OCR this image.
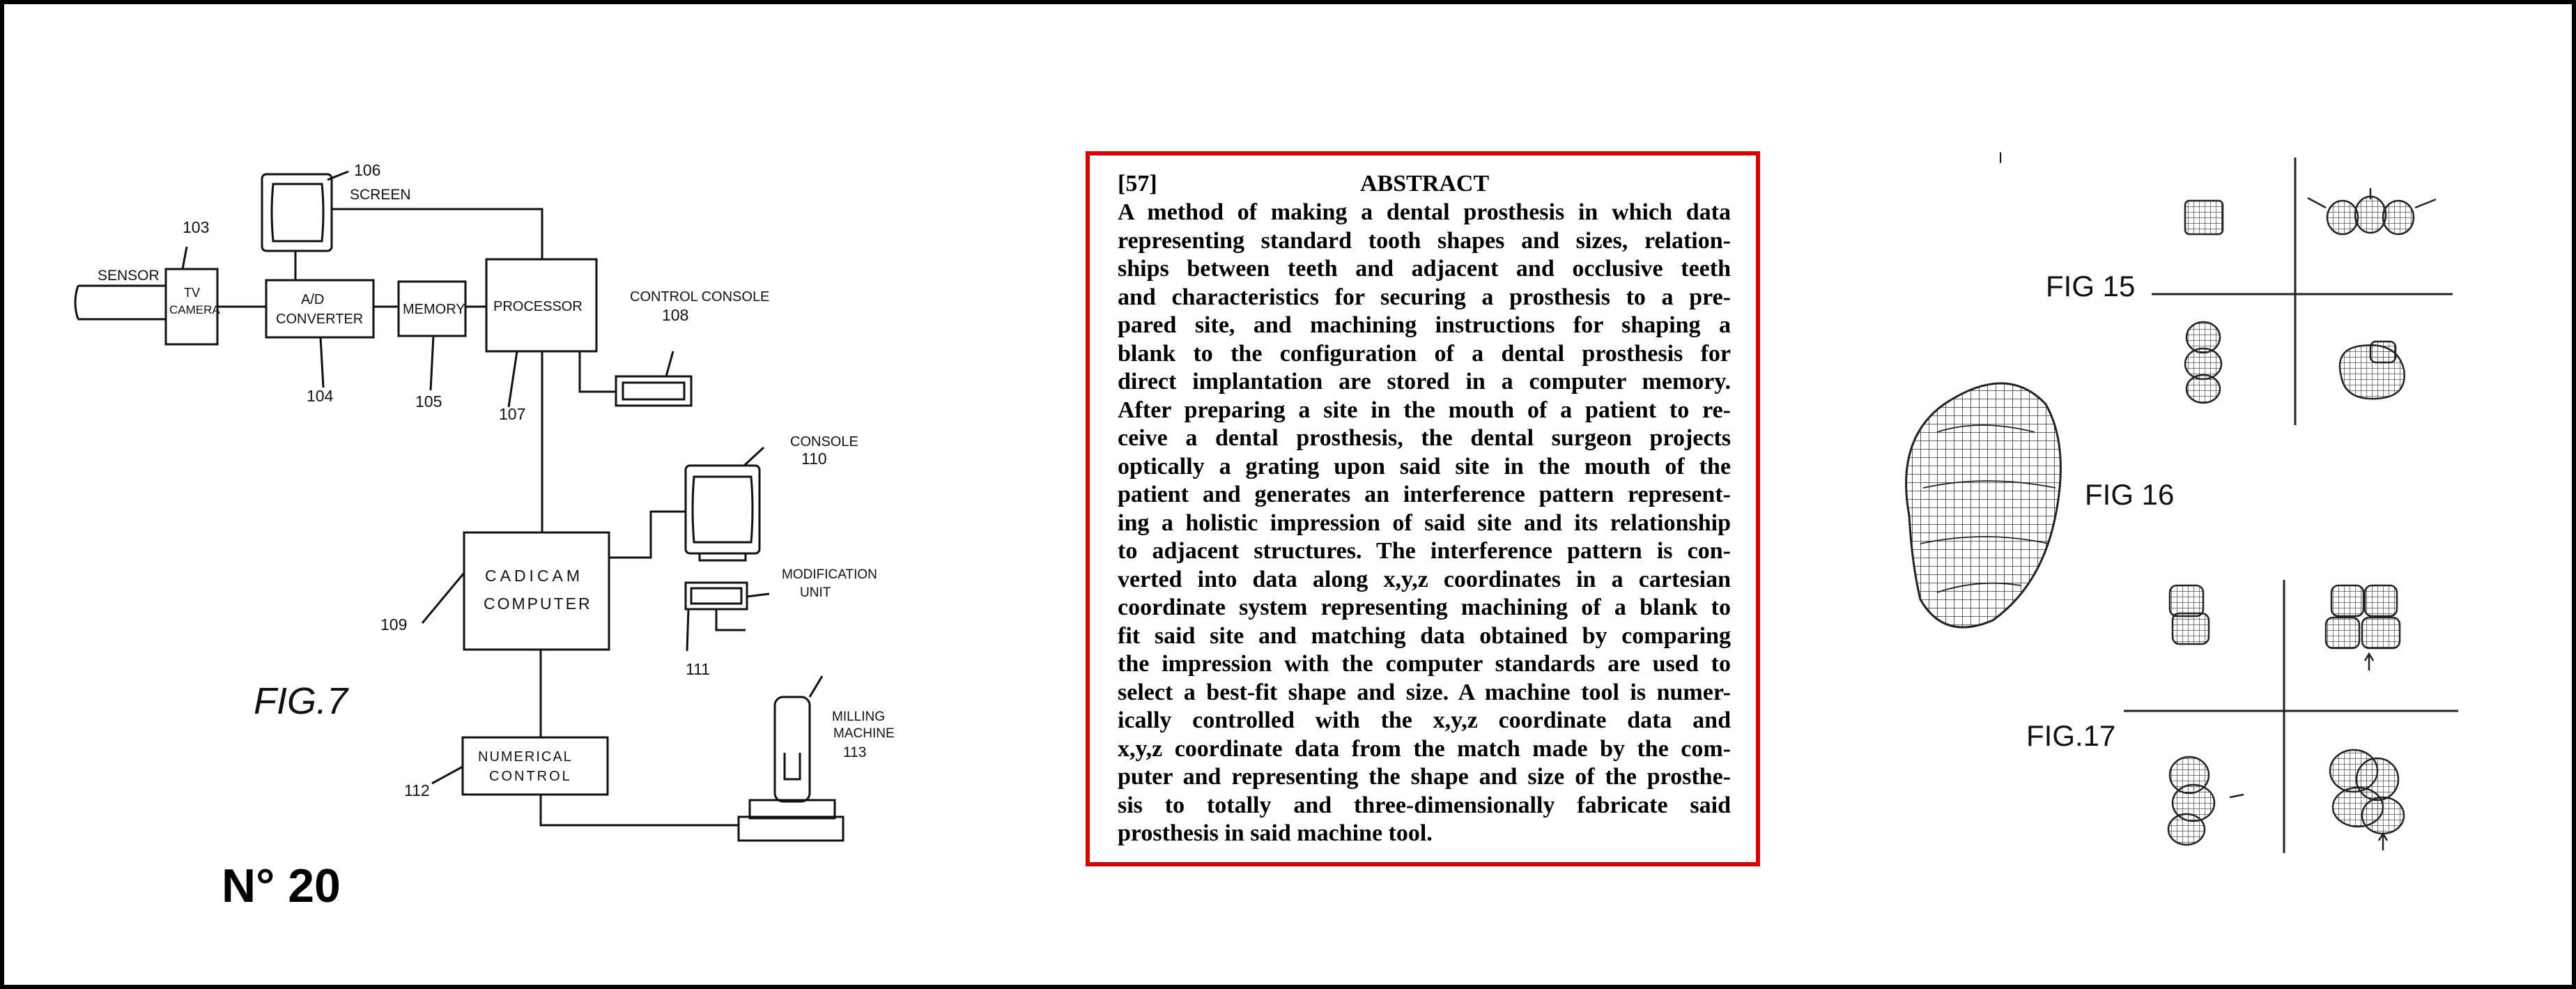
SENSOR
103
TV
CAMERA
A/D
CONVERTER
104
MEMORY
105
PROCESSOR
107
106
SCREEN
CONTROL CONSOLE
108
CONSOLE
110
MODIFICATION
UNIT
111
CADICAM
COMPUTER
109
NUMERICAL
CONTROL
112
MILLING
MACHINE
113
FIG.7
N° 20
[57]	ABSTRACT
A method of making a dental prosthesis in which data
representing standard tooth shapes and sizes, relation-
ships between teeth and adjacent and occlusive teeth
and characteristics for securing a prosthesis to a pre-
pared site, and machining instructions for shaping a
blank to the configuration of a dental prosthesis for
direct implantation are stored in a computer memory.
After preparing a site in the mouth of a patient to re-
ceive a dental prosthesis, the dental surgeon projects
optically a grating upon said site in the mouth of the
patient and generates an interference pattern represent-
ing a holistic impression of said site and its relationship
to adjacent structures. The interference pattern is con-
verted into data along x,y,z coordinates in a cartesian
coordinate system representing machining of a blank to
fit said site and matching data obtained by comparing
the impression with the computer standards are used to
select a best-fit shape and size. A machine tool is numer-
ically controlled with the x,y,z coordinate data and
x,y,z coordinate data from the match made by the com-
puter and representing the shape and size of the prosthe-
sis to totally and three-dimensionally fabricate said
prosthesis in said machine tool.
I
FIG 15
FIG 16
FIG.17
